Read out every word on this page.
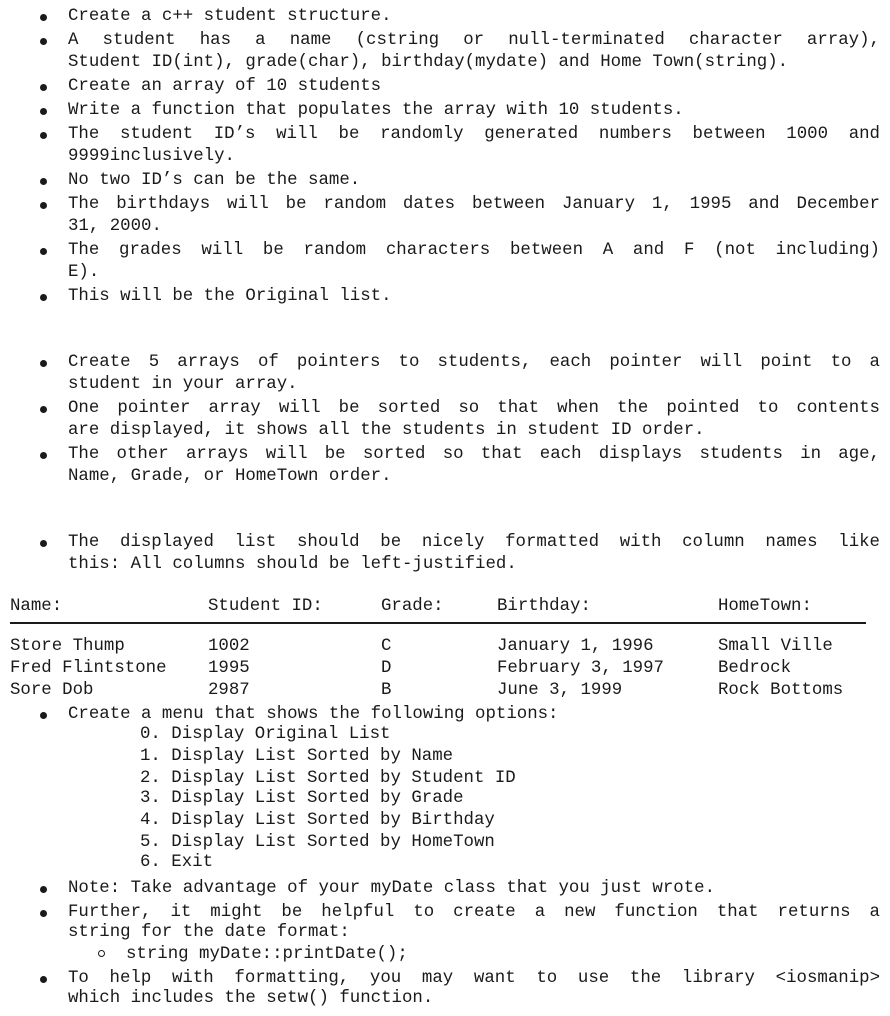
Create a c++ student structure.
A student has a name (cstring or null-terminated character array),
Student ID(int), grade(char), birthday(mydate) and Home Town(string).
Create an array of 10 students
Write a function that populates the array with 10 students.
The student ID’s will be randomly generated numbers between 1000 and
9999inclusively.
No two ID’s can be the same.
The birthdays will be random dates between January 1, 1995 and December
31, 2000.
The grades will be random characters between A and F (not including)
E).
This will be the Original list.
Create 5 arrays of pointers to students, each pointer will point to a
student in your array.
One pointer array will be sorted so that when the pointed to contents
are displayed, it shows all the students in student ID order.
The other arrays will be sorted so that each displays students in age,
Name, Grade, or HomeTown order.
The displayed list should be nicely formatted with column names like
this: All columns should be left-justified.
Name:	Student ID:	Grade:	Birthday:	HomeTown:
Store Thump	1002	C	January 1, 1996	Small Ville
Fred Flintstone 1995	D	February 3, 1997	Bedrock
Sore Dob	2987	B	June 3, 1999	Rock Bottoms
Create a menu that shows the following options:
0. Display Original List
1. Display List Sorted by Name
2. Display List Sorted by Student ID
3. Display List Sorted by Grade
4. Display List Sorted by Birthday
5. Display List Sorted by HomeTown
6. Exit
Note: Take advantage of your myDate class that you just wrote.
Further, it might be helpful to create a new function that returns a
string for the date format:
string myDate::printDate();
To help with formatting, you may want to use the library <iosmanip>
which includes the setw() function.
